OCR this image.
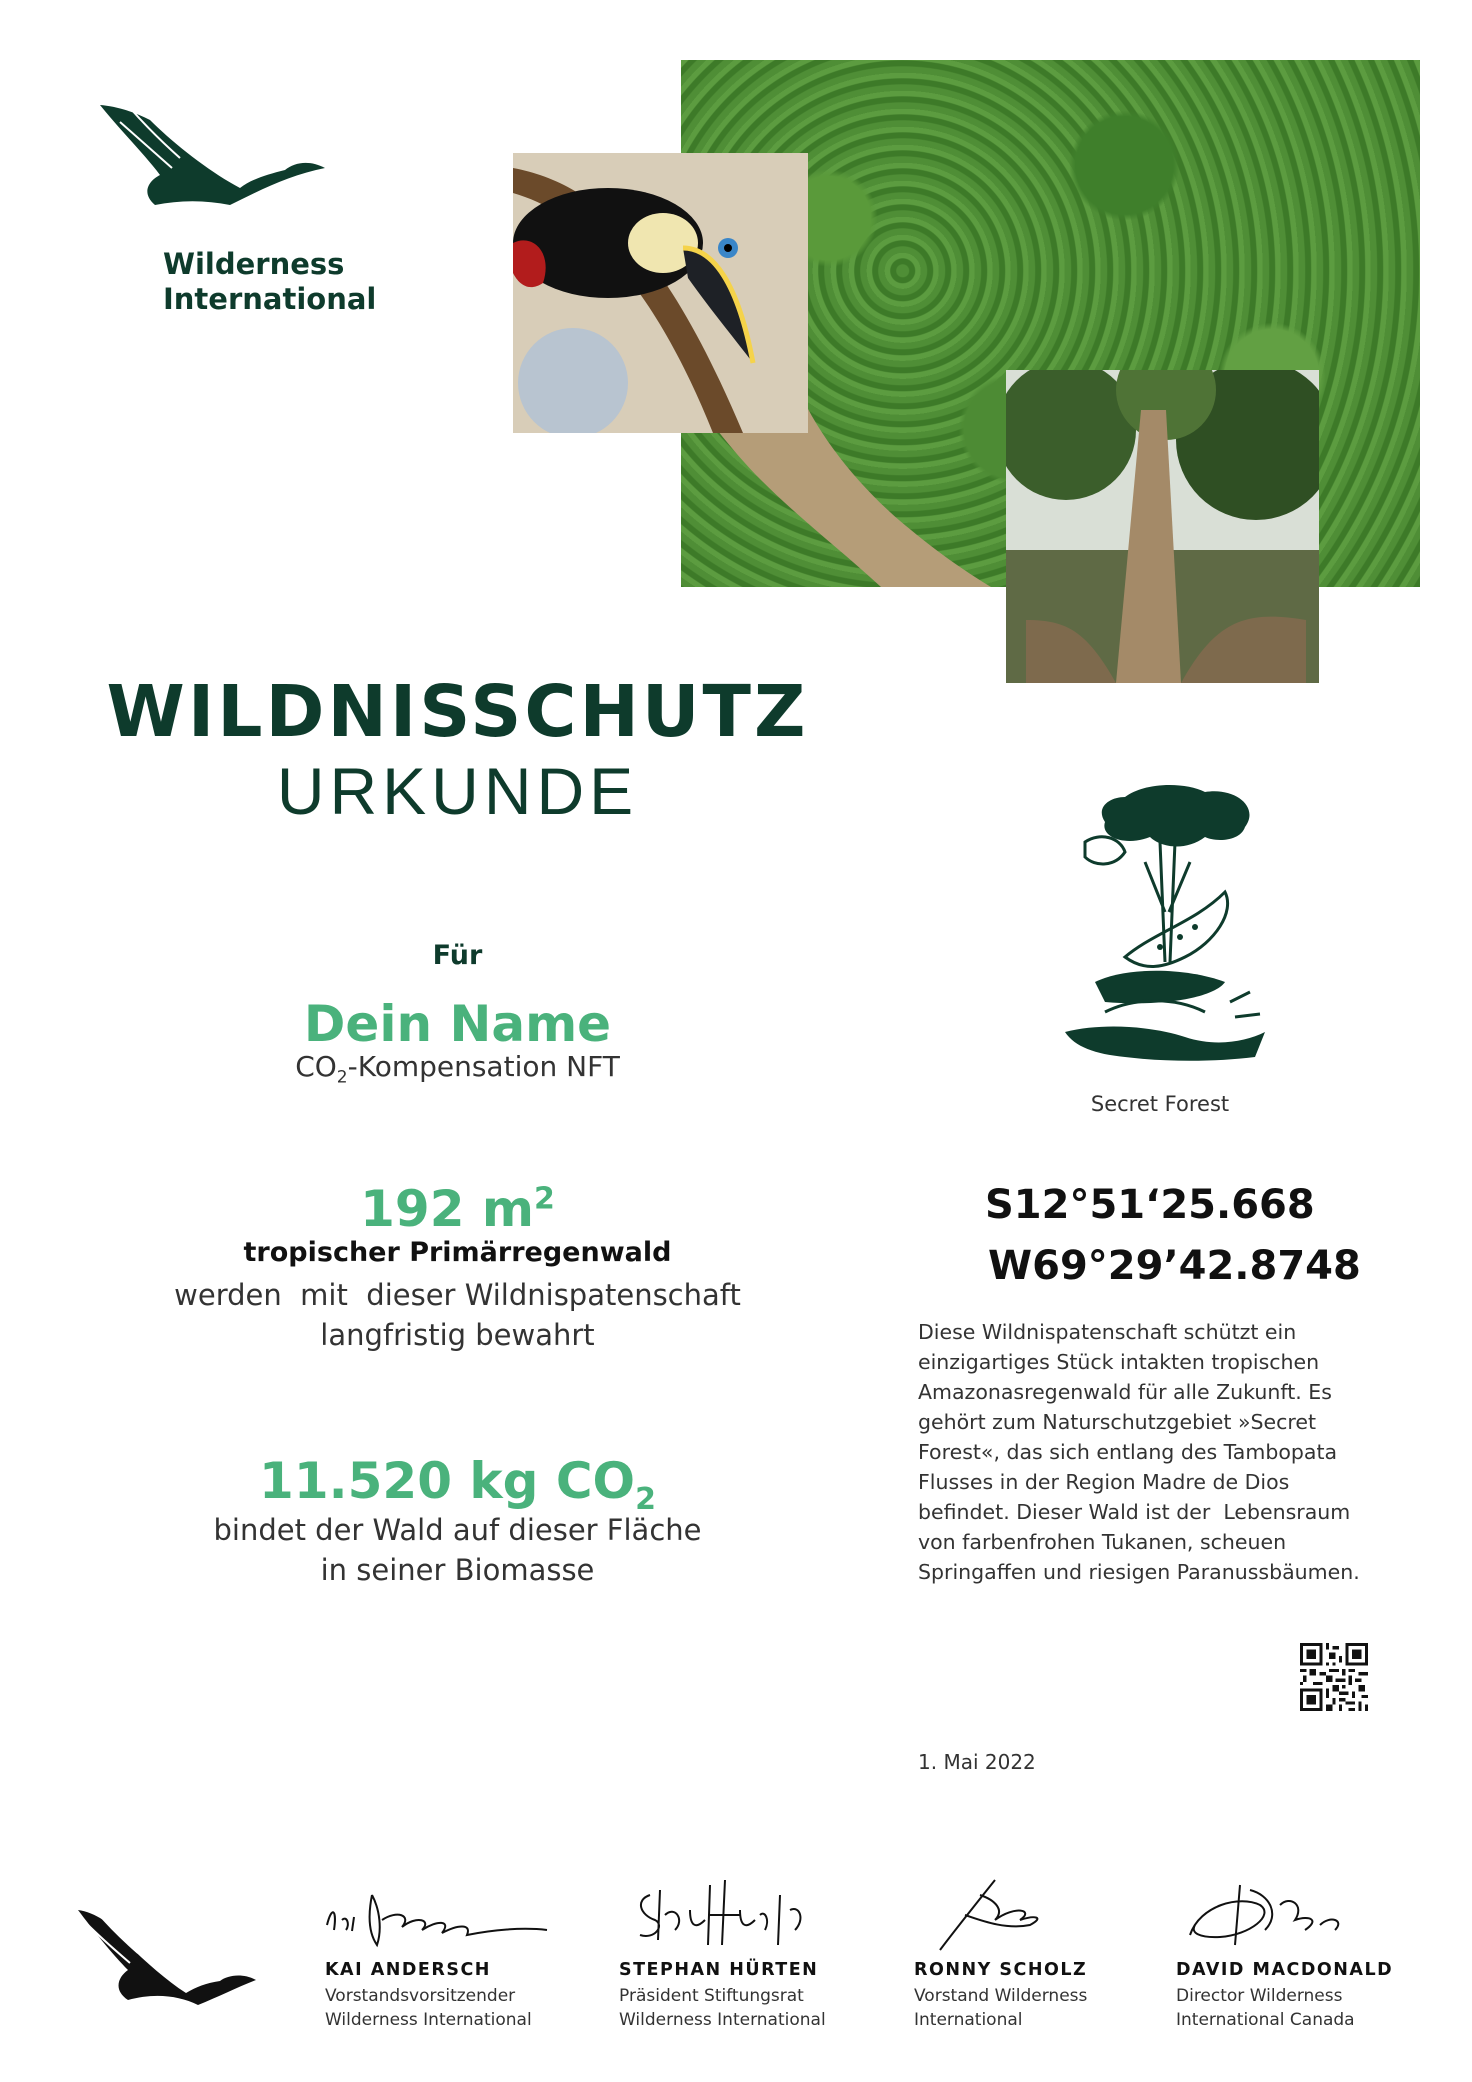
Wilderness
International
WILDNISSCHUTZ
URKUNDE
Für
Dein Name
$CO_2$-Kompensation NFT
192 $m^2$
tropischer Primärregenwald
werden  mit  dieser Wildnispatenschaft
langfristig bewahrt
11.520 kg $CO_2$
bindet der Wald auf dieser Fläche
in seiner Biomasse
Secret Forest
S12°51‘25.668
W69°29’42.8748
Diese Wildnispatenschaft schützt ein
einzigartiges Stück intakten tropischen
Amazonasregenwald für alle Zukunft. Es
gehört zum Naturschutzgebiet »Secret
Forest«, das sich entlang des Tambopata
Flusses in der Region Madre de Dios
befindet. Dieser Wald ist der  Lebensraum
von farbenfrohen Tukanen, scheuen
Springaffen und riesigen Paranussbäumen.
1. Mai 2022
KAI ANDERSCH
Vorstandsvorsitzender
Wilderness International
STEPHAN HÜRTEN
Präsident Stiftungsrat
Wilderness International
RONNY SCHOLZ
Vorstand Wilderness
International
DAVID MACDONALD
Director Wilderness
International Canada
